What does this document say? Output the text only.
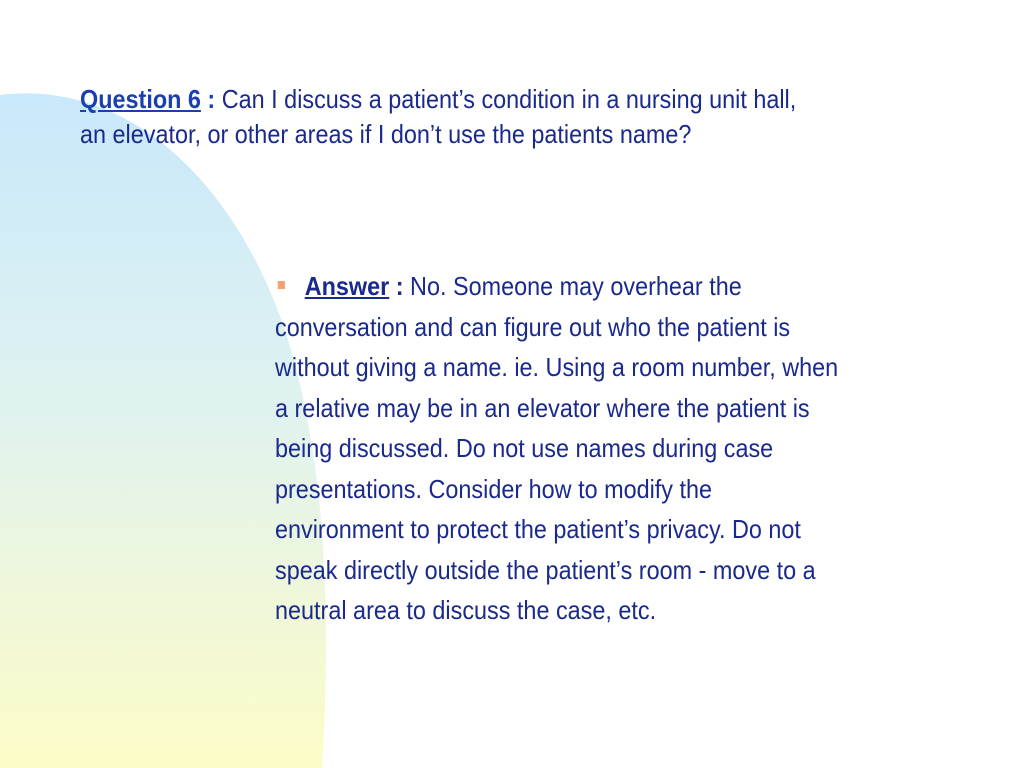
Question 6 : Can I discuss a patient’s condition in a nursing unit hall,
an elevator, or other areas if I don’t use the patients name?
Answer : No. Someone may overhear the
conversation and can figure out who the patient is
without giving a name. ie. Using a room number, when
a relative may be in an elevator where the patient is
being discussed. Do not use names during case
presentations. Consider how to modify the
environment to protect the patient’s privacy. Do not
speak directly outside the patient’s room - move to a
neutral area to discuss the case, etc.
